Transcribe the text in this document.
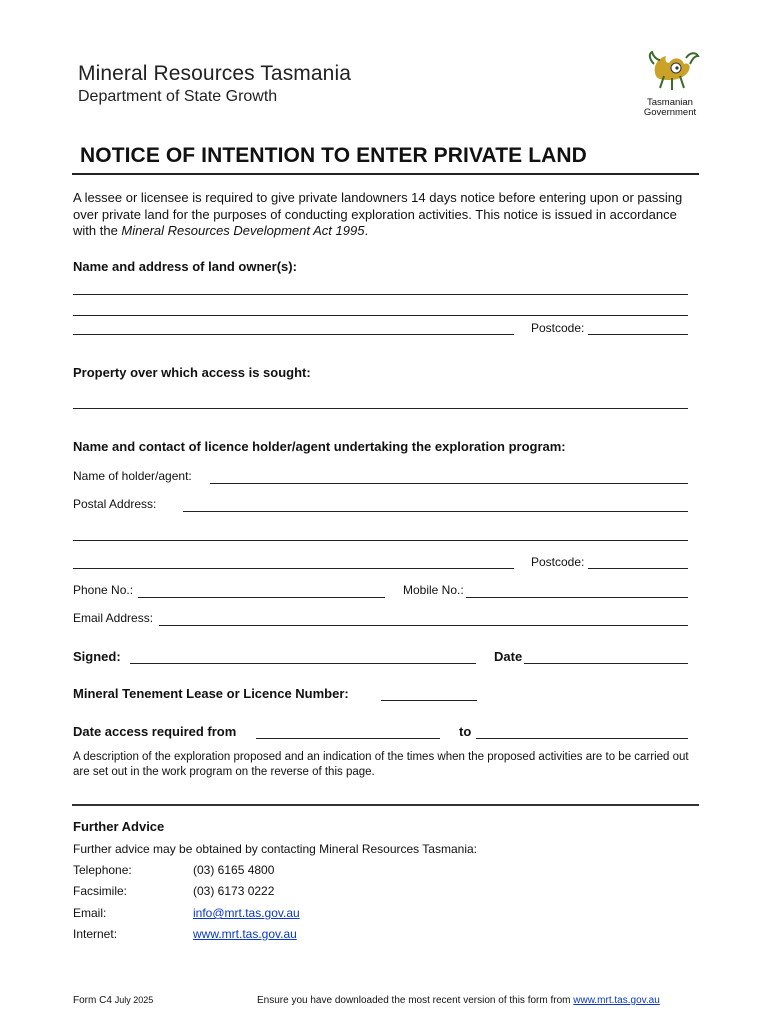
Mineral Resources Tasmania
Department of State Growth	Tasmanian
Government
NOTICE OF INTENTION TO ENTER PRIVATE LAND
A lessee or licensee is required to give private landowners 14 days notice before entering upon or passing over private land for the purposes of conducting exploration activities. This notice is issued in accordance with the Mineral Resources Development Act 1995.
Name and address of land owner(s):
Postcode:
Property over which access is sought:
Name and contact of licence holder/agent undertaking the exploration program:
Name of holder/agent:
Postal Address:
Postcode:
Phone No.:	Mobile No.:
Email Address:
Signed:	Date
Mineral Tenement Lease or Licence Number:
Date access required from	to
A description of the exploration proposed and an indication of the times when the proposed activities are to be carried out are set out in the work program on the reverse of this page.
Further Advice
Further advice may be obtained by contacting Mineral Resources Tasmania:
Telephone:	(03) 6165 4800
Facsimile:	(03) 6173 0222
Email:	info@mrt.tas.gov.au
Internet:	www.mrt.tas.gov.au
Form C4 July 2025	Ensure you have downloaded the most recent version of this form from www.mrt.tas.gov.au
